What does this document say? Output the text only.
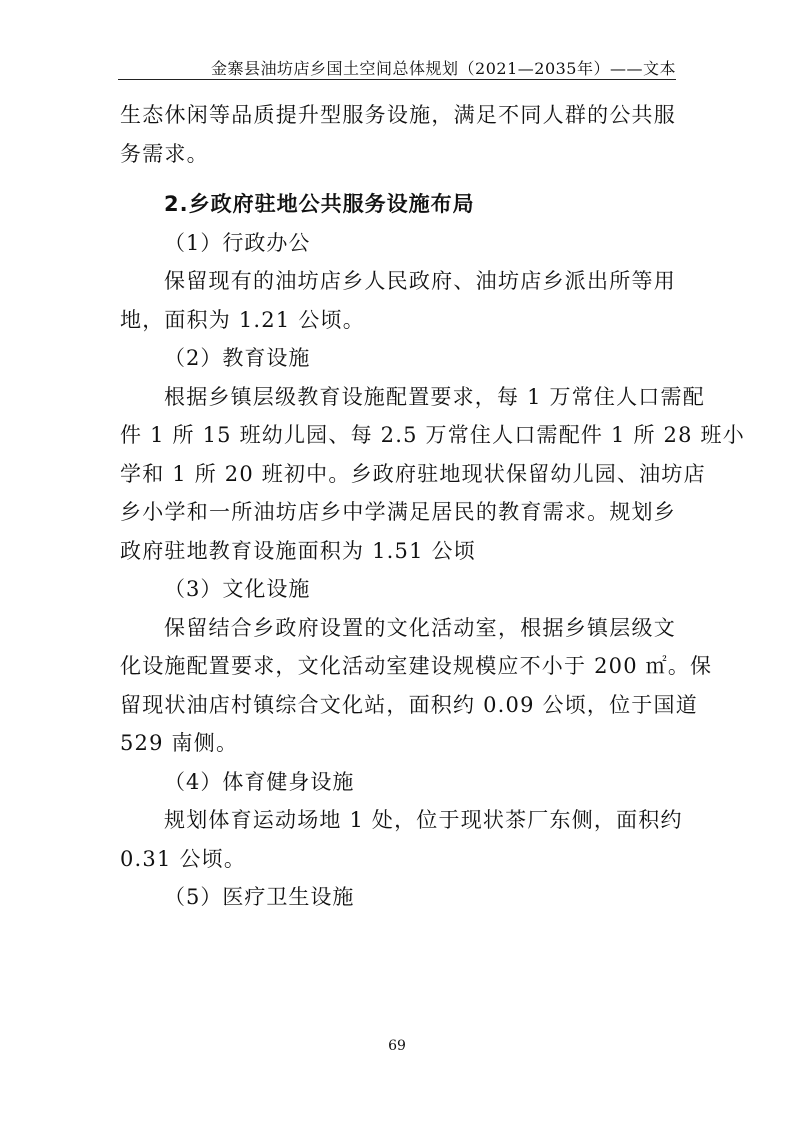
金寨县油坊店乡国土空间总体规划（2021—2035年）——文本
生态休闲等品质提升型服务设施，满足不同人群的公共服
务需求。
2.乡政府驻地公共服务设施布局
（1）行政办公
保留现有的油坊店乡人民政府、油坊店乡派出所等用
地，面积为 1.21 公顷。
（2）教育设施
根据乡镇层级教育设施配置要求，每 1 万常住人口需配
件 1 所 15 班幼儿园、每 2.5 万常住人口需配件 1 所 28 班小
学和 1 所 20 班初中。乡政府驻地现状保留幼儿园、油坊店
乡小学和一所油坊店乡中学满足居民的教育需求。规划乡
政府驻地教育设施面积为 1.51 公顷
（3）文化设施
保留结合乡政府设置的文化活动室，根据乡镇层级文
化设施配置要求，文化活动室建设规模应不小于 200 ㎡。保
留现状油店村镇综合文化站，面积约 0.09 公顷，位于国道
529 南侧。
（4）体育健身设施
规划体育运动场地 1 处，位于现状茶厂东侧，面积约
0.31 公顷。
（5）医疗卫生设施
69
